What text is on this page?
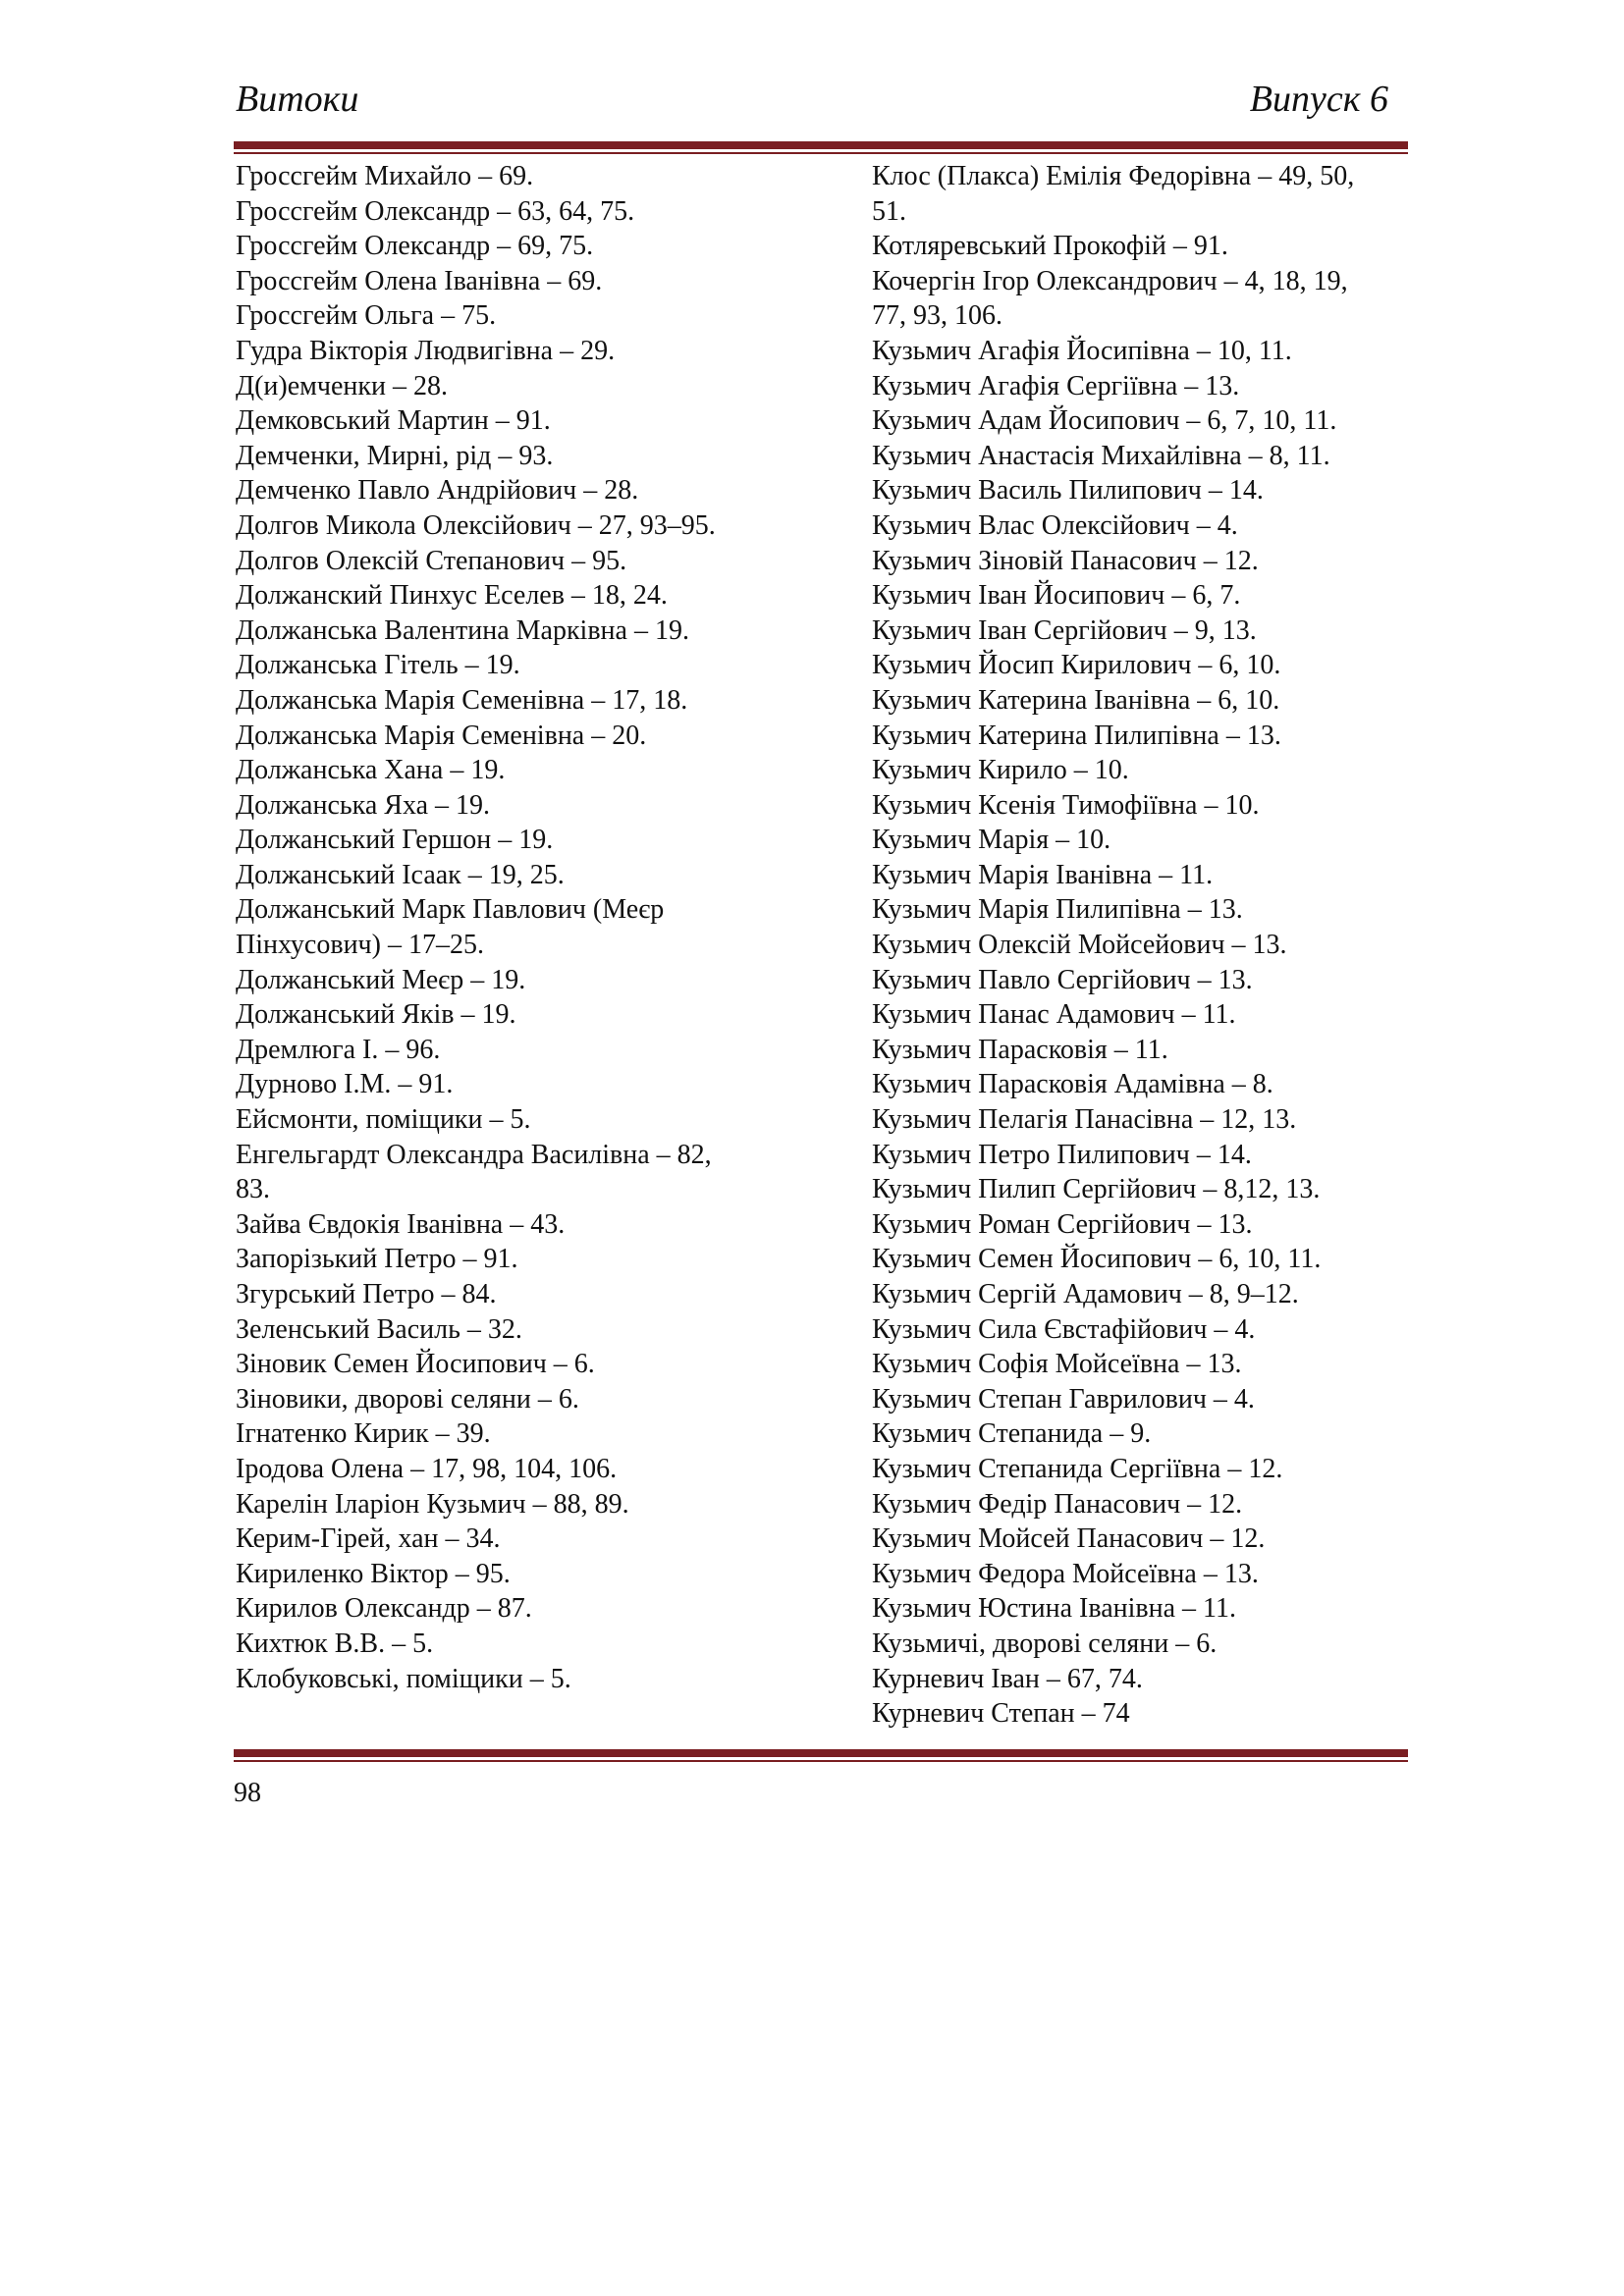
Витоки	Випуск 6
Гроссгейм Михайло – 69.
Гроссгейм Олександр – 63, 64, 75.
Гроссгейм Олександр – 69, 75.
Гроссгейм Олена Іванівна – 69.
Гроссгейм Ольга – 75.
Гудра Вікторія Людвигівна – 29.
Д(и)емченки – 28.
Демковський Мартин – 91.
Демченки, Мирні, рід – 93.
Демченко Павло Андрійович – 28.
Долгов Микола Олексійович – 27, 93–95.
Долгов Олексій Степанович – 95.
Должанский Пинхус Еселев – 18, 24.
Должанська Валентина Марківна – 19.
Должанська Гітель – 19.
Должанська Марія Семенівна – 17, 18.
Должанська Марія Семенівна – 20.
Должанська Хана – 19.
Должанська Яха – 19.
Должанський Гершон – 19.
Должанський Ісаак – 19, 25.
Должанський Марк Павлович (Меєр
Пінхусович) – 17–25.
Должанський Меєр – 19.
Должанський Яків – 19.
Дремлюга І. – 96.
Дурново І.М. – 91.
Ейсмонти, поміщики – 5.
Енгельгардт Олександра Василівна – 82,
83.
Зайва Євдокія Іванівна – 43.
Запорізький Петро – 91.
Згурський Петро – 84.
Зеленський Василь – 32.
Зіновик Семен Йосипович – 6.
Зіновики, дворові селяни – 6.
Ігнатенко Кирик – 39.
Іродова Олена – 17, 98, 104, 106.
Карелін Іларіон Кузьмич – 88, 89.
Керим-Гірей, хан – 34.
Кириленко Віктор – 95.
Кирилов Олександр – 87.
Кихтюк В.В. – 5.
Клобуковські, поміщики – 5.
Клос (Плакса) Емілія Федорівна – 49, 50,
51.
Котляревський Прокофій – 91.
Кочергін Ігор Олександрович – 4, 18, 19,
77, 93, 106.
Кузьмич Агафія Йосипівна – 10, 11.
Кузьмич Агафія Сергіївна – 13.
Кузьмич Адам Йосипович – 6, 7, 10, 11.
Кузьмич Анастасія Михайлівна – 8, 11.
Кузьмич Василь Пилипович – 14.
Кузьмич Влас Олексійович – 4.
Кузьмич Зіновій Панасович – 12.
Кузьмич Іван Йосипович – 6, 7.
Кузьмич Іван Сергійович – 9, 13.
Кузьмич Йосип Кирилович – 6, 10.
Кузьмич Катерина Іванівна – 6, 10.
Кузьмич Катерина Пилипівна – 13.
Кузьмич Кирило – 10.
Кузьмич Ксенія Тимофіївна – 10.
Кузьмич Марія – 10.
Кузьмич Марія Іванівна – 11.
Кузьмич Марія Пилипівна – 13.
Кузьмич Олексій Мойсейович – 13.
Кузьмич Павло Сергійович – 13.
Кузьмич Панас Адамович – 11.
Кузьмич Парасковія – 11.
Кузьмич Парасковія Адамівна – 8.
Кузьмич Пелагія Панасівна – 12, 13.
Кузьмич Петро Пилипович – 14.
Кузьмич Пилип Сергійович – 8,12, 13.
Кузьмич Роман Сергійович – 13.
Кузьмич Семен Йосипович – 6, 10, 11.
Кузьмич Сергій Адамович – 8, 9–12.
Кузьмич Сила Євстафійович – 4.
Кузьмич Софія Мойсеївна – 13.
Кузьмич Степан Гаврилович – 4.
Кузьмич Степанида – 9.
Кузьмич Степанида Сергіївна – 12.
Кузьмич Федір Панасович – 12.
Кузьмич Мойсей Панасович – 12.
Кузьмич Федора Мойсеївна – 13.
Кузьмич Юстина Іванівна – 11.
Кузьмичі, дворові селяни – 6.
Курневич Іван – 67, 74.
Курневич Степан – 74
98
